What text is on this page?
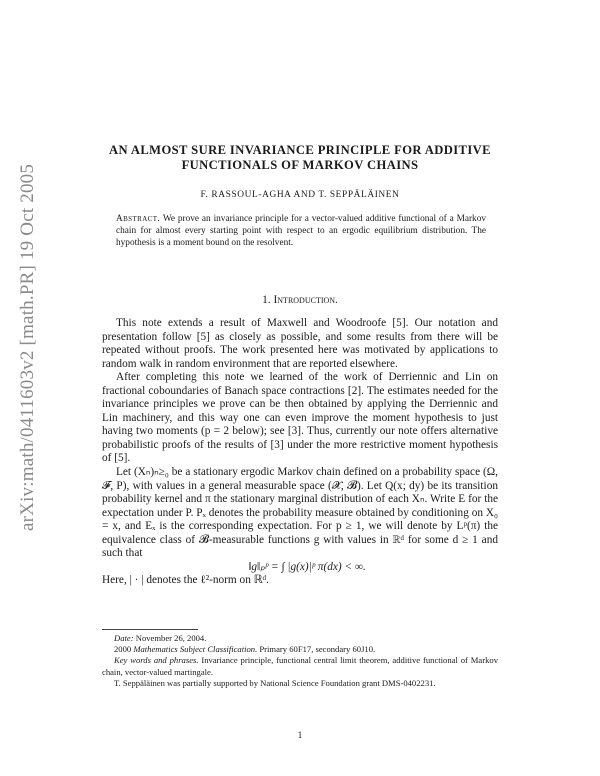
arXiv:math/0411603v2 [math.PR] 19 Oct 2005
AN ALMOST SURE INVARIANCE PRINCIPLE FOR ADDITIVE
FUNCTIONALS OF MARKOV CHAINS
F. RASSOUL-AGHA AND T. SEPPÄLÄINEN
Abstract. We prove an invariance principle for a vector-valued additive functional of a Markov chain for almost every starting point with respect to an ergodic equilibrium distribution. The hypothesis is a moment bound on the resolvent.
1. Introduction.

This note extends a result of Maxwell and Woodroofe [5]. Our notation and presentation follow [5] as closely as possible, and some results from there will be repeated without proofs. The work presented here was motivated by applications to random walk in random environment that are reported elsewhere.

After completing this note we learned of the work of Derriennic and Lin on fractional coboundaries of Banach space contractions [2]. The estimates needed for the invariance principles we prove can be then obtained by applying the Derriennic and Lin machinery, and this way one can even improve the moment hypothesis to just having two moments (p = 2 below); see [3]. Thus, currently our note offers alternative probabilistic proofs of the results of [3] under the more restrictive moment hypothesis of [5].

Let (Xₙ)ₙ≥₀ be a stationary ergodic Markov chain defined on a probability space (Ω, 𝓕, P), with values in a general measurable space (𝓧, 𝓑). Let Q(x; dy) be its transition probability kernel and π the stationary marginal distribution of each Xₙ. Write E for the expectation under P. Pₓ denotes the probability measure obtained by conditioning on X₀ = x, and Eₓ is the corresponding expectation. For p ≥ 1, we will denote by Lᵖ(π) the equivalence class of 𝓑-measurable functions g with values in ℝᵈ for some d ≥ 1 and such that

‖g‖ₚᵖ = ∫ |g(x)|ᵖ π(dx) < ∞.

Here, | · | denotes the ℓ²-norm on ℝᵈ.

Date: November 26, 2004.

2000 Mathematics Subject Classification. Primary 60F17, secondary 60J10.

Key words and phrases. Invariance principle, functional central limit theorem, additive functional of Markov chain, vector-valued martingale.

T. Seppäläinen was partially supported by National Science Foundation grant DMS-0402231.

1
